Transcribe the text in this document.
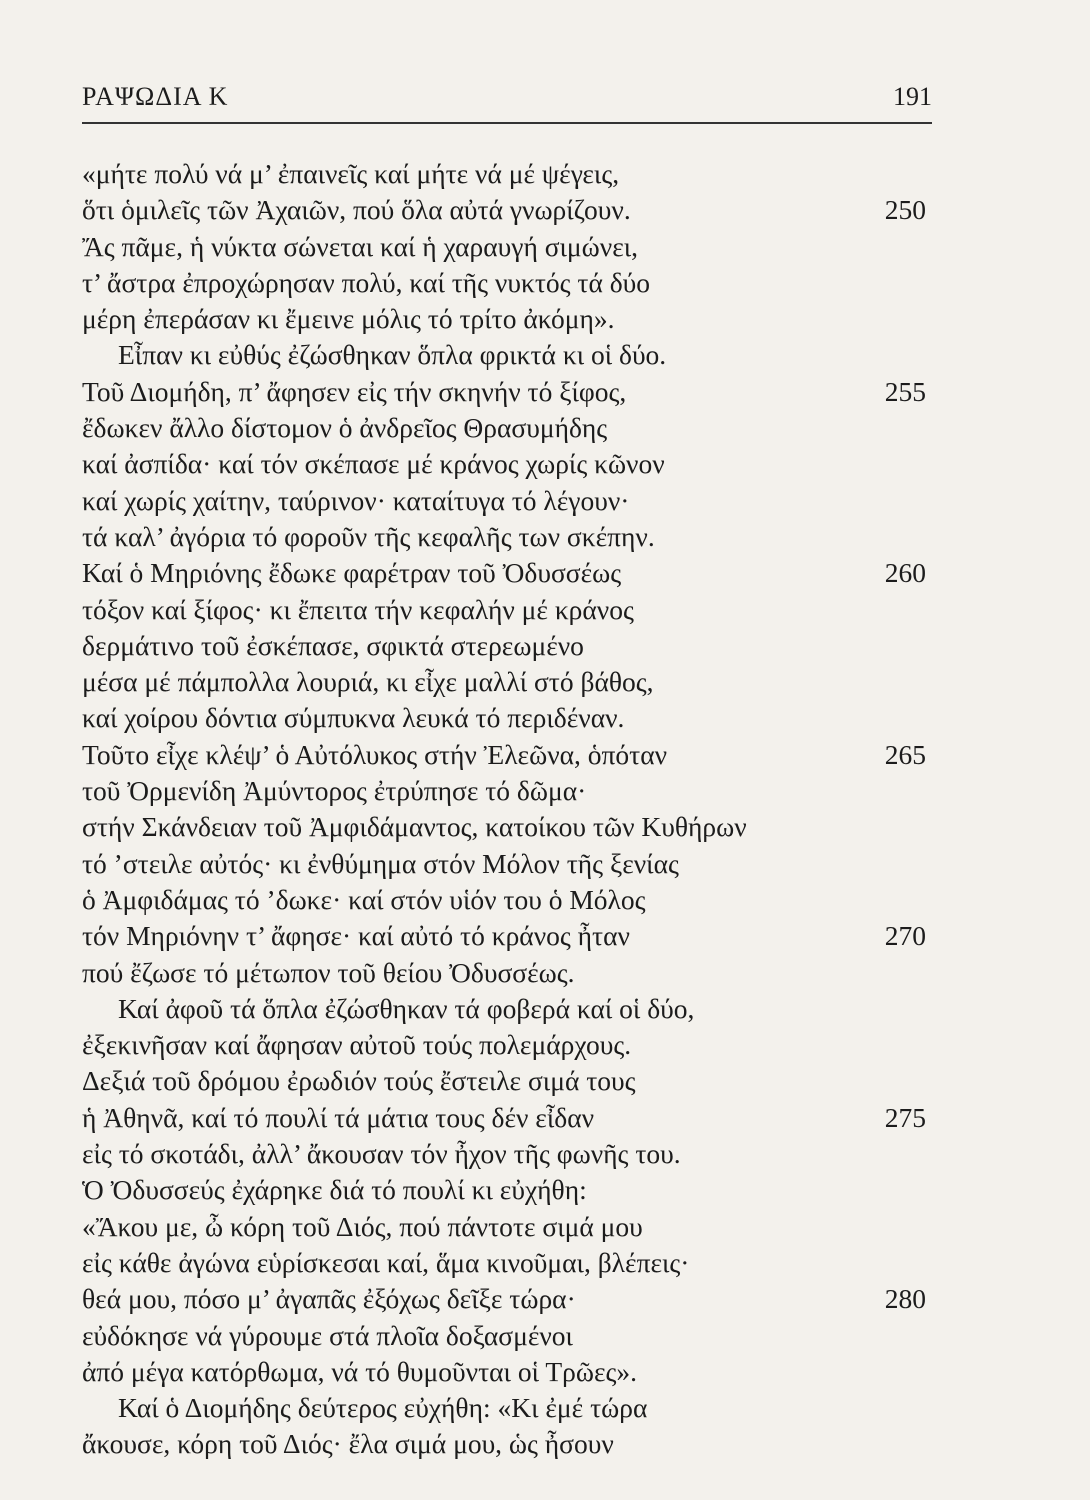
ΡΑΨΩΔΙΑ Κ	191
«μήτε πολύ νά μ’ ἐπαινεῖς καί μήτε νά μέ ψέγεις,
ὅτι ὁμιλεῖς τῶν Ἀχαιῶν, πού ὅλα αὐτά γνωρίζουν.	250
Ἄς πᾶμε, ἡ νύκτα σώνεται καί ἡ χαραυγή σιμώνει,
τ’ ἄστρα ἐπροχώρησαν πολύ, καί τῆς νυκτός τά δύο
μέρη ἐπεράσαν κι ἔμεινε μόλις τό τρίτο ἀκόμη».
Εἶπαν κι εὐθύς ἐζώσθηκαν ὅπλα φρικτά κι οἱ δύο.
Τοῦ Διομήδη, π’ ἄφησεν εἰς τήν σκηνήν τό ξίφος,	255
ἔδωκεν ἄλλο δίστομον ὁ ἀνδρεῖος Θρασυμήδης
καί ἀσπίδα· καί τόν σκέπασε μέ κράνος χωρίς κῶνον
καί χωρίς χαίτην, ταύρινον· καταίτυγα τό λέγουν·
τά καλ’ ἀγόρια τό φοροῦν τῆς κεφαλῆς των σκέπην.
Καί ὁ Μηριόνης ἔδωκε φαρέτραν τοῦ Ὀδυσσέως	260
τόξον καί ξίφος· κι ἔπειτα τήν κεφαλήν μέ κράνος
δερμάτινο τοῦ ἐσκέπασε, σφικτά στερεωμένο
μέσα μέ πάμπολλα λουριά, κι εἶχε μαλλί στό βάθος,
καί χοίρου δόντια σύμπυκνα λευκά τό περιδέναν.
Τοῦτο εἶχε κλέψ’ ὁ Αὐτόλυκος στήν Ἐλεῶνα, ὁπόταν	265
τοῦ Ὀρμενίδη Ἀμύντορος ἐτρύπησε τό δῶμα·
στήν Σκάνδειαν τοῦ Ἀμφιδάμαντος, κατοίκου τῶν Κυθήρων
τό ’στειλε αὐτός· κι ἐνθύμημα στόν Μόλον τῆς ξενίας
ὁ Ἀμφιδάμας τό ’δωκε· καί στόν υἱόν του ὁ Μόλος
τόν Μηριόνην τ’ ἄφησε· καί αὐτό τό κράνος ἦταν	270
πού ἔζωσε τό μέτωπον τοῦ θείου Ὀδυσσέως.
Καί ἀφοῦ τά ὅπλα ἐζώσθηκαν τά φοβερά καί οἱ δύο,
ἐξεκινῆσαν καί ἄφησαν αὐτοῦ τούς πολεμάρχους.
Δεξιά τοῦ δρόμου ἐρωδιόν τούς ἔστειλε σιμά τους
ἡ Ἀθηνᾶ, καί τό πουλί τά μάτια τους δέν εἶδαν	275
εἰς τό σκοτάδι, ἀλλ’ ἄκουσαν τόν ἦχον τῆς φωνῆς του.
Ὁ Ὀδυσσεύς ἐχάρηκε διά τό πουλί κι εὐχήθη:
«Ἄκου με, ὦ κόρη τοῦ Διός, πού πάντοτε σιμά μου
εἰς κάθε ἀγώνα εὑρίσκεσαι καί, ἅμα κινοῦμαι, βλέπεις·
θεά μου, πόσο μ’ ἀγαπᾶς ἐξόχως δεῖξε τώρα·	280
εὐδόκησε νά γύρουμε στά πλοῖα δοξασμένοι
ἀπό μέγα κατόρθωμα, νά τό θυμοῦνται οἱ Τρῶες».
Καί ὁ Διομήδης δεύτερος εὐχήθη: «Κι ἐμέ τώρα
ἄκουσε, κόρη τοῦ Διός· ἔλα σιμά μου, ὡς ἦσουν
